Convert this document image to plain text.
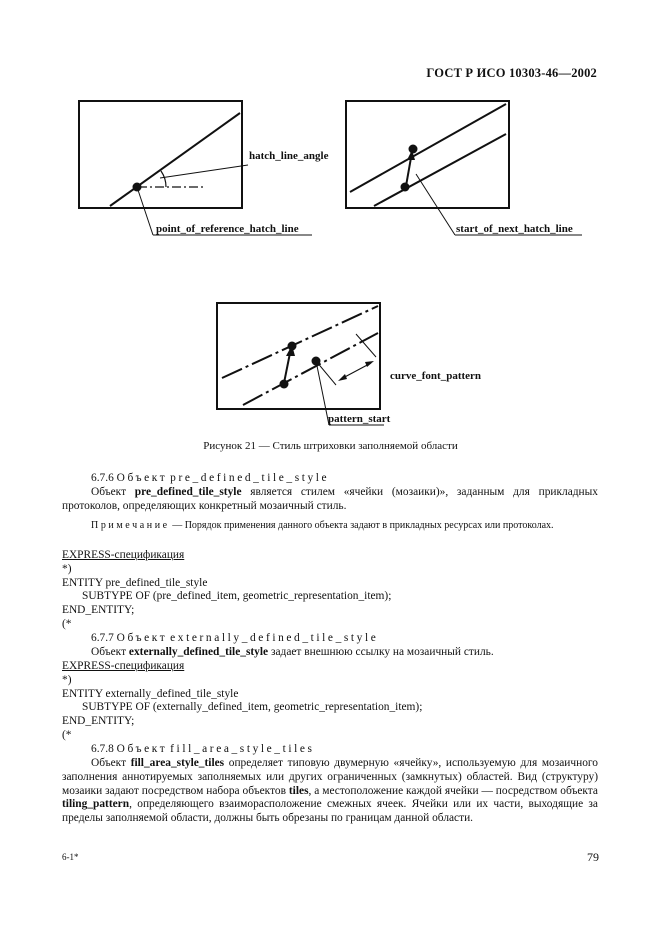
ГОСТ Р ИСО 10303-46—2002
hatch_line_angle
point_of_reference_hatch_line	start_of_next_hatch_line
curve_font_pattern
pattern_start
Рисунок 21 — Стиль штриховки заполняемой области
6.7.6 Объект pre_defined_tile_style
Объект pre_defined_tile_style является стилем «ячейки (мозаики)», заданным для прикладных протоколов, определяющих конкретный мозаичный стиль.
Примечание — Порядок применения данного объекта задают в прикладных ресурсах или протоколах.
EXPRESS-спецификация
*)
ENTITY pre_defined_tile_style
SUBTYPE OF (pre_defined_item, geometric_representation_item);
END_ENTITY;
(*
6.7.7 Объект externally_defined_tile_style
Объект externally_defined_tile_style задает внешнюю ссылку на мозаичный стиль.
EXPRESS-спецификация
*)
ENTITY externally_defined_tile_style
SUBTYPE OF (externally_defined_item, geometric_representation_item);
END_ENTITY;
(*
6.7.8 Объект fill_area_style_tiles
Объект fill_area_style_tiles определяет типовую двумерную «ячейку», используемую для мозаичного заполнения аннотируемых заполняемых или других ограниченных (замкнутых) областей. Вид (структуру) мозаики задают посредством набора объектов tiles, а местоположение каждой ячейки — посредством объекта tiling_pattern, определяющего взаиморасположение смежных ячеек. Ячейки или их части, выходящие за пределы заполняемой области, должны быть обрезаны по границам данной области.
6-1*	79
